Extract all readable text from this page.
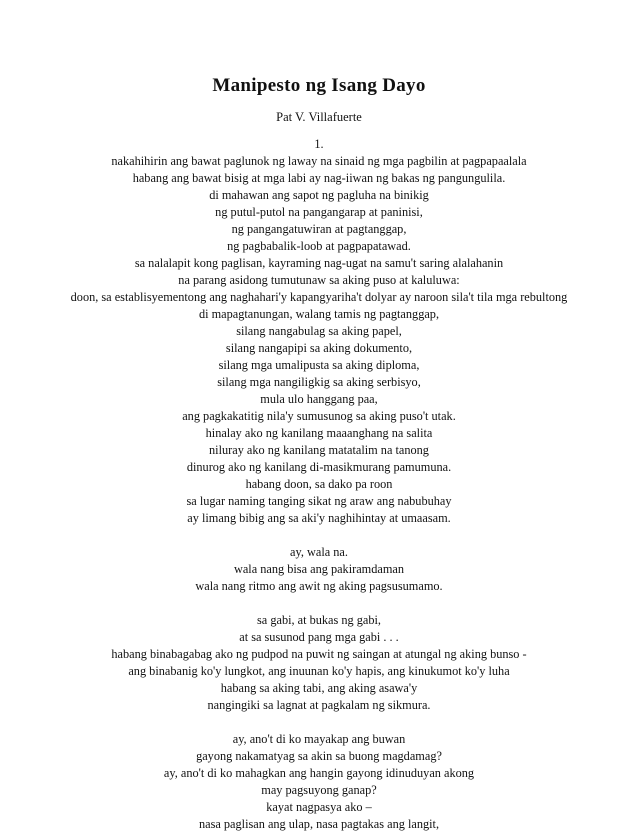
Manipesto ng Isang Dayo
Pat V. Villafuerte
1.
nakahihirin ang bawat paglunok ng laway na sinaid ng mga pagbilin at pagpapaalala
habang ang bawat bisig at mga labi ay nag-iiwan ng bakas ng pangungulila.
di mahawan ang sapot ng pagluha na binikig
ng putul-putol na pangangarap at paninisi,
ng pangangatuwiran at pagtanggap,
ng pagbabalik-loob at pagpapatawad.
sa nalalapit kong paglisan, kayraming nag-ugat na samu't saring alalahanin
na parang asidong tumutunaw sa aking puso at kaluluwa:
doon, sa establisyementong ang naghahari'y kapangyariha't dolyar ay naroon sila't tila mga rebultong
di mapagtanungan, walang tamis ng pagtanggap,
silang nangabulag sa aking papel,
silang nangapipi sa aking dokumento,
silang mga umalipusta sa aking diploma,
silang mga nangiligkig sa aking serbisyo,
mula ulo hanggang paa,
ang pagkakatitig nila'y sumusunog sa aking puso't utak.
hinalay ako ng kanilang maaanghang na salita
niluray ako ng kanilang matatalim na tanong
dinurog ako ng kanilang di-masikmurang pamumuna.
habang doon, sa dako pa roon
sa lugar naming tanging sikat ng araw ang nabubuhay
ay limang bibig ang sa aki'y naghihintay at umaasam.
ay, wala na.
wala nang bisa ang pakiramdaman
wala nang ritmo ang awit ng aking pagsusumamo.
sa gabi, at bukas ng gabi,
at sa susunod pang mga gabi . . .
habang binabagabag ako ng pudpod na puwit ng saingan at atungal ng aking bunso -
ang binabanig ko'y lungkot, ang inuunan ko'y hapis, ang kinukumot ko'y luha
habang sa aking tabi, ang aking asawa'y
nangingiki sa lagnat at pagkalam ng sikmura.
ay, ano't di ko mayakap ang buwan
gayong nakamatyag sa akin sa buong magdamag?
ay, ano't di ko mahagkan ang hangin gayong idinuduyan akong
may pagsuyong ganap?
kayat nagpasya ako –
nasa paglisan ang ulap, nasa pagtakas ang langit,
